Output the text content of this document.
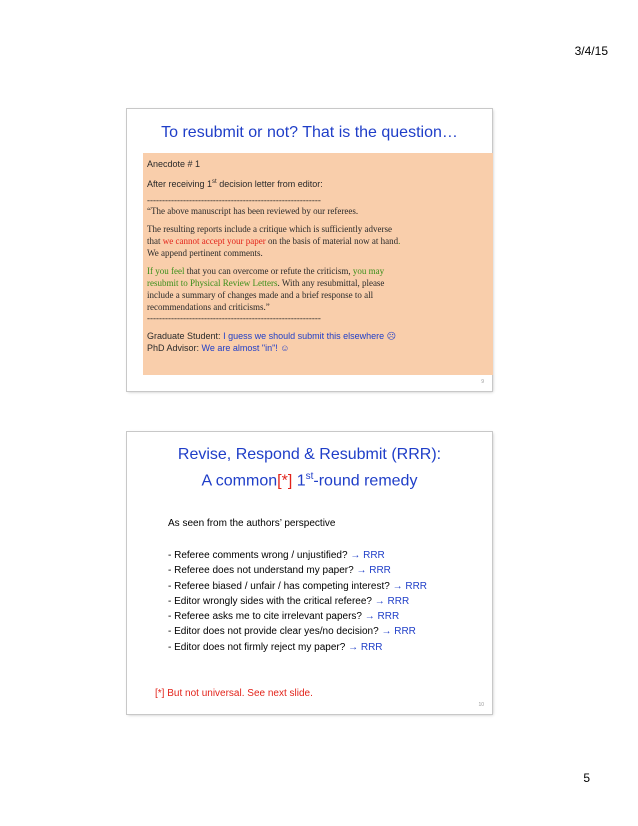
3/4/15
To resubmit or not? That is the question…
Anecdote # 1
After receiving 1st decision letter from editor:
----------------------------------------------------------
“The above manuscript has been reviewed by our referees.
The resulting reports include a critique which is sufficiently adverse
that we cannot accept your paper on the basis of material now at hand.
We append pertinent comments.
If you feel that you can overcome or refute the criticism, you may
resubmit to Physical Review Letters. With any resubmittal, please
include a summary of changes made and a brief response to all
recommendations and criticisms.”
----------------------------------------------------------
Graduate Student: I guess we should submit this elsewhere ☹
PhD Advisor: We are almost "in"! ☺
9
Revise, Respond & Resubmit (RRR):
A common[*] 1st-round remedy
As seen from the authors’ perspective
- Referee comments wrong / unjustified? → RRR
- Referee does not understand my paper? → RRR
- Referee biased / unfair / has competing interest? → RRR
- Editor wrongly sides with the critical referee? → RRR
- Referee asks me to cite irrelevant papers? → RRR
- Editor does not provide clear yes/no decision? → RRR
- Editor does not firmly reject my paper? → RRR
[*] But not universal. See next slide.
10
5
